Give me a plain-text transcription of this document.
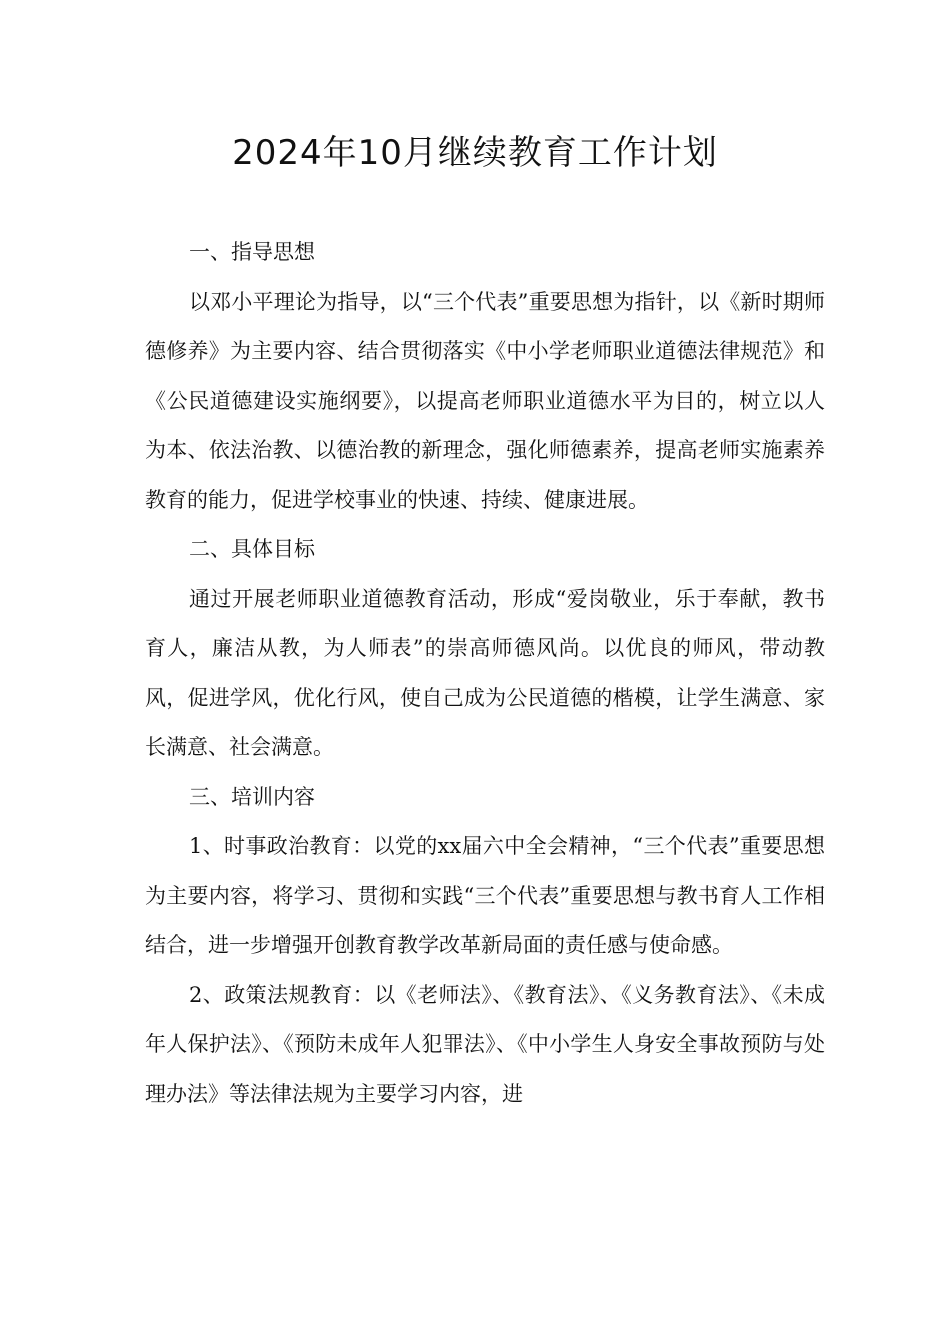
2024年10月继续教育工作计划

一、指导思想

以邓小平理论为指导，以“三个代表”重要思想为指针，以《新时期师德修养》为主要内容、结合贯彻落实《中小学老师职业道德法律规范》和《公民道德建设实施纲要》，以提高老师职业道德水平为目的，树立以人为本、依法治教、以德治教的新理念，强化师德素养，提高老师实施素养教育的能力，促进学校事业的快速、持续、健康进展。

二、具体目标

通过开展老师职业道德教育活动，形成“爱岗敬业，乐于奉献，教书育人，廉洁从教，为人师表”的崇高师德风尚。以优良的师风，带动教风，促进学风，优化行风，使自己成为公民道德的楷模，让学生满意、家长满意、社会满意。

三、培训内容

1、时事政治教育：以党的xx届六中全会精神，“三个代表”重要思想为主要内容，将学习、贯彻和实践“三个代表”重要思想与教书育人工作相结合，进一步增强开创教育教学改革新局面的责任感与使命感。

2、政策法规教育：以《老师法》、《教育法》、《义务教育法》、《未成年人保护法》、《预防未成年人犯罪法》、《中小学生人身安全事故预防与处理办法》等法律法规为主要学习内容，进
